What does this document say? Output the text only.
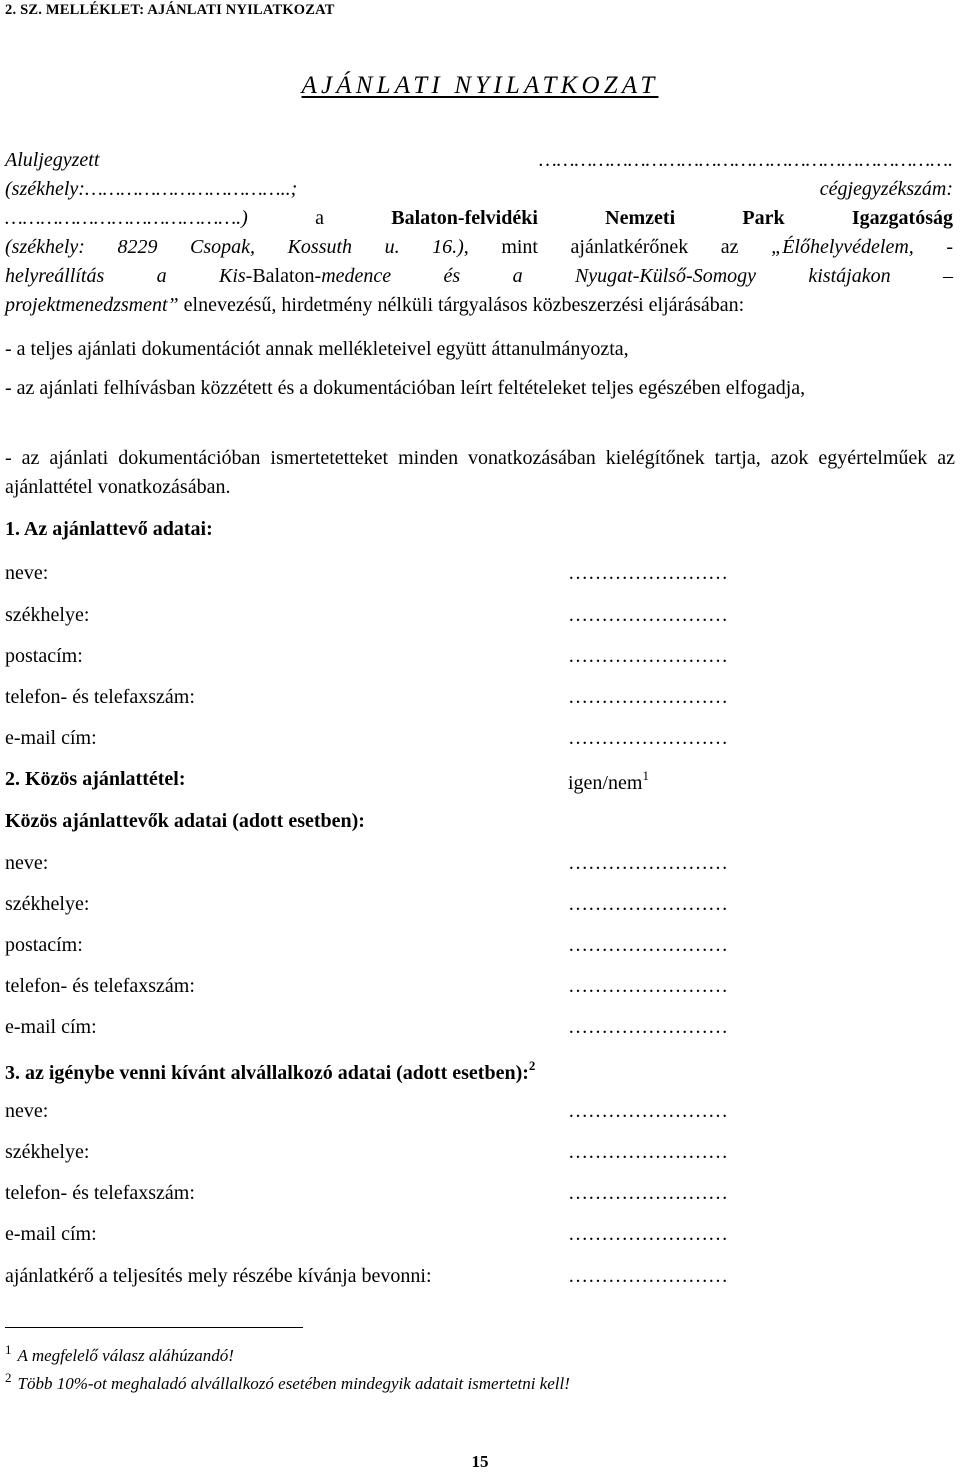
2. SZ. MELLÉKLET: AJÁNLATI NYILATKOZAT
AJÁNLATI NYILATKOZAT
Aluljegyzett	…………………………………………………………….
(székhely:……………………………..;	cégjegyzékszám:
………………………………….) a Balaton-felvidéki Nemzeti Park Igazgatóság
(székhely: 8229 Csopak, Kossuth u. 16.), mint ajánlatkérőnek az „Élőhelyvédelem, -
helyreállítás a Kis-Balaton-medence és a Nyugat-Külső-Somogy kistájakon –
projektmenedzsment” elnevezésű, hirdetmény nélküli tárgyalásos közbeszerzési eljárásában:
- a teljes ajánlati dokumentációt annak mellékleteivel együtt áttanulmányozta,
- az ajánlati felhívásban közzétett és a dokumentációban leírt feltételeket teljes egészében elfogadja,
- az ajánlati dokumentációban ismertetetteket minden vonatkozásában kielégítőnek tartja, azok egyértelműek az ajánlattétel vonatkozásában.
1. Az ajánlattevő adatai:
neve:	……………………
székhelye:	……………………
postacím:	……………………
telefon- és telefaxszám:	……………………
e-mail cím:	……………………
2. Közös ajánlattétel:	igen/nem$^1$
Közös ajánlattevők adatai (adott esetben):
neve:	……………………
székhelye:	……………………
postacím:	……………………
telefon- és telefaxszám:	……………………
e-mail cím:	……………………
3. az igénybe venni kívánt alvállalkozó adatai (adott esetben):$^2$
neve:	……………………
székhelye:	……………………
telefon- és telefaxszám:	……………………
e-mail cím:	……………………
ajánlatkérő a teljesítés mely részébe kívánja bevonni:	……………………
$^1$ A megfelelő válasz aláhúzandó!
$^2$ Több 10%-ot meghaladó alvállalkozó esetében mindegyik adatait ismertetni kell!
15
